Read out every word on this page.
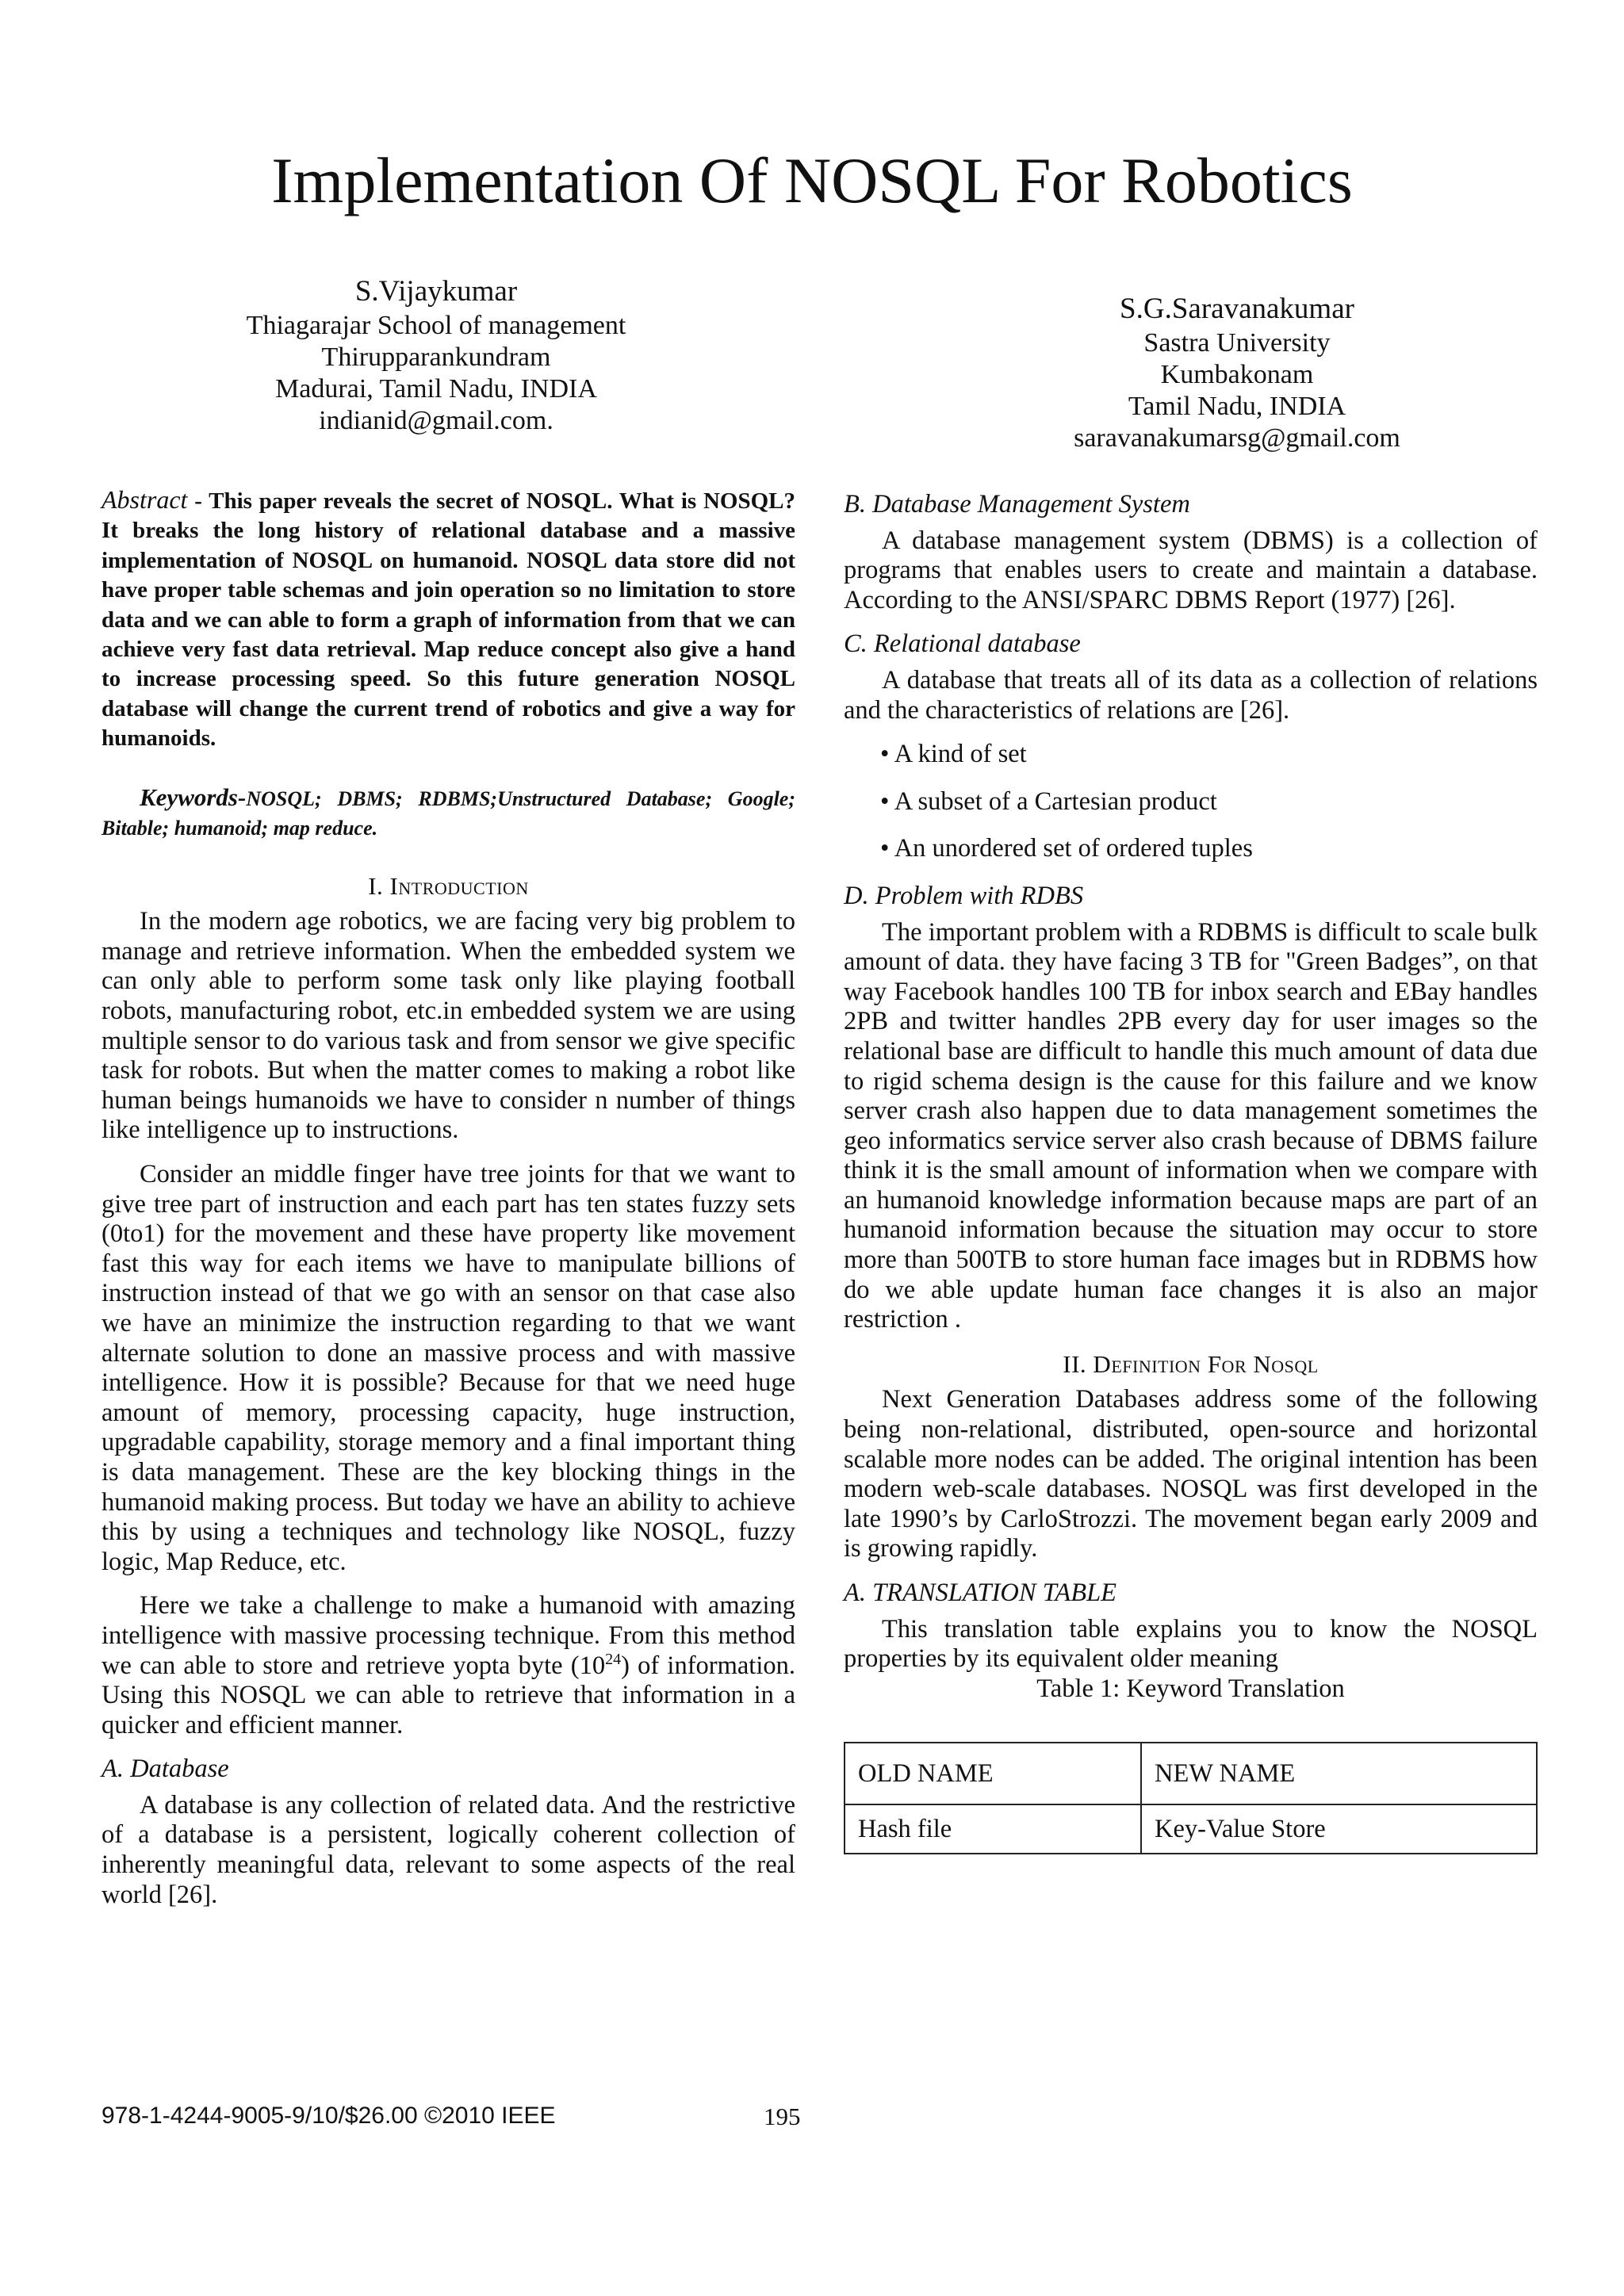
Implementation Of NOSQL For Robotics
S.Vijaykumar
Thiagarajar School of management
Thirupparankundram
Madurai, Tamil Nadu, INDIA
indianid@gmail.com.
S.G.Saravanakumar
Sastra University
Kumbakonam
Tamil Nadu, INDIA
saravanakumarsg@gmail.com

Abstract - This paper reveals the secret of NOSQL. What is NOSQL? It breaks the long history of relational database and a massive implementation of NOSQL on humanoid. NOSQL data store did not have proper table schemas and join operation so no limitation to store data and we can able to form a graph of information from that we can achieve very fast data retrieval. Map reduce concept also give a hand to increase processing speed. So this future generation NOSQL database will change the current trend of robotics and give a way for humanoids.

Keywords-NOSQL; DBMS; RDBMS;Unstructured Database; Google; Bitable; humanoid; map reduce.

I. Introduction

In the modern age robotics, we are facing very big problem to manage and retrieve information. When the embedded system we can only able to perform some task only like playing football robots, manufacturing robot, etc.in embedded system we are using multiple sensor to do various task and from sensor we give specific task for robots. But when the matter comes to making a robot like human beings humanoids we have to consider n number of things like intelligence up to instructions.

Consider an middle finger have tree joints for that we want to give tree part of instruction and each part has ten states fuzzy sets (0to1) for the movement and these have property like movement fast this way for each items we have to manipulate billions of instruction instead of that we go with an sensor on that case also we have an minimize the instruction regarding to that we want alternate solution to done an massive process and with massive intelligence. How it is possible? Because for that we need huge amount of memory, processing capacity, huge instruction, upgradable capability, storage memory and a final important thing is data management. These are the key blocking things in the humanoid making process. But today we have an ability to achieve this by using a techniques and technology like NOSQL, fuzzy logic, Map Reduce, etc.

Here we take a challenge to make a humanoid with amazing intelligence with massive processing technique. From this method we can able to store and retrieve yopta byte $(10^{24})$ of information. Using this NOSQL we can able to retrieve that information in a quicker and efficient manner.

A. Database

A database is any collection of related data. And the restrictive of a database is a persistent, logically coherent collection of inherently meaningful data, relevant to some aspects of the real world [26].

B. Database Management System

A database management system (DBMS) is a collection of programs that enables users to create and maintain a database. According to the ANSI/SPARC DBMS Report (1977) [26].

C. Relational database

A database that treats all of its data as a collection of relations and the characteristics of relations are [26].

• A kind of set

• A subset of a Cartesian product

• An unordered set of ordered tuples

D. Problem with RDBS

The important problem with a RDBMS is difficult to scale bulk amount of data. they have facing 3 TB for "Green Badges”, on that way Facebook handles 100 TB for inbox search and EBay handles 2PB and twitter handles 2PB every day for user images so the relational base are difficult to handle this much amount of data due to rigid schema design is the cause for this failure and we know server crash also happen due to data management sometimes the geo informatics service server also crash because of DBMS failure think it is the small amount of information when we compare with an humanoid knowledge information because maps are part of an humanoid information because the situation may occur to store more than 500TB to store human face images but in RDBMS how do we able update human face changes it is also an major restriction .

II. Definition For Nosql

Next Generation Databases address some of the following being non-relational, distributed, open-source and horizontal scalable more nodes can be added. The original intention has been modern web-scale databases. NOSQL was first developed in the late 1990’s by CarloStrozzi. The movement began early 2009 and is growing rapidly.

A. TRANSLATION TABLE

This translation table explains you to know the NOSQL properties by its equivalent older meaning

Table 1: Keyword Translation

OLD NAME	NEW NAME
Hash file	Key-Value Store
978-1-4244-9005-9/10/$26.00 ©2010 IEEE	195
